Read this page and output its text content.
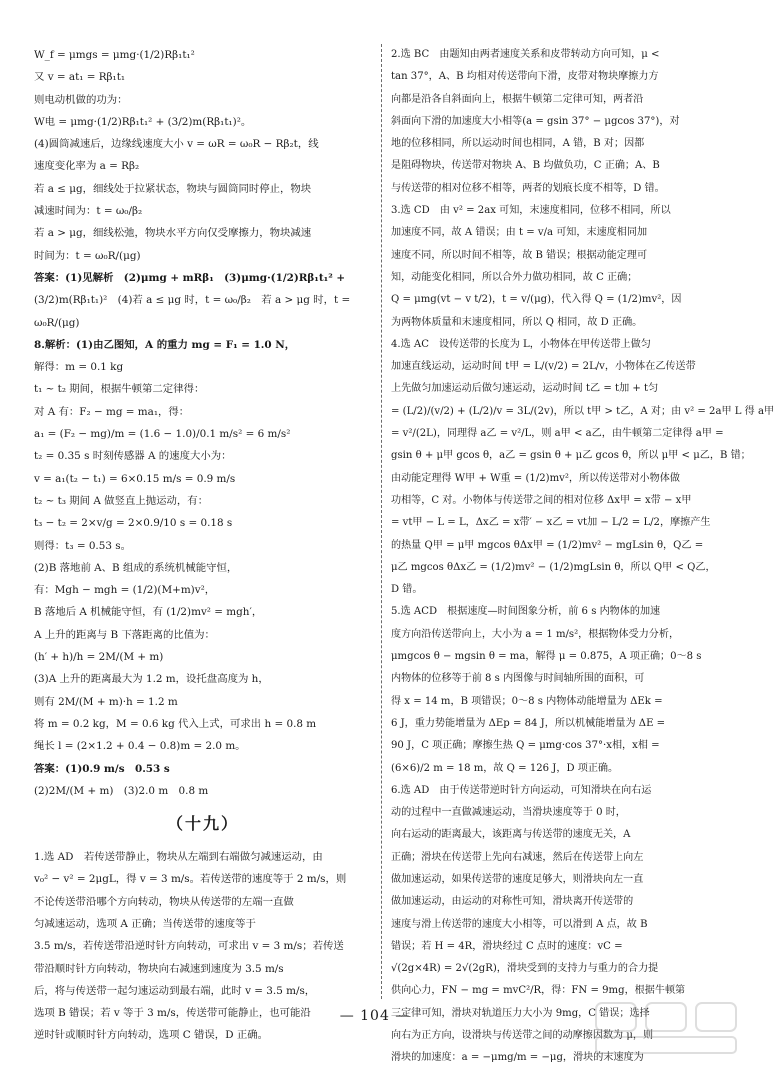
W_f = μmgs = μmg·(1/2)Rβ₁t₁²
又 v = at₁ = Rβ₁t₁
则电动机做的功为：
W电 = μmg·(1/2)Rβ₁t₁² + (3/2)m(Rβ₁t₁)²。
(4)圆筒减速后，边缘线速度大小 v = ωR = ω₀R − Rβ₂t，线
速度变化率为 a = Rβ₂
若 a ≤ μg，细线处于拉紧状态，物块与圆筒同时停止，物块
减速时间为：t = ω₀/β₂
若 a > μg，细线松弛，物块水平方向仅受摩擦力，物块减速
时间为：t = ω₀R/(μg)
答案：(1)见解析　(2)μmg + mRβ₁　(3)μmg·(1/2)Rβ₁t₁² +
(3/2)m(Rβ₁t₁)²　(4)若 a ≤ μg 时，t = ω₀/β₂　若 a > μg 时，t =
ω₀R/(μg)
8.解析：(1)由乙图知，A 的重力 mg = F₁ = 1.0 N，
解得：m = 0.1 kg
t₁ ~ t₂ 期间，根据牛顿第二定律得：
对 A 有：F₂ − mg = ma₁，得：
a₁ = (F₂ − mg)/m = (1.6 − 1.0)/0.1 m/s² = 6 m/s²
t₂ = 0.35 s 时刻传感器 A 的速度大小为：
v = a₁(t₂ − t₁) = 6×0.15 m/s = 0.9 m/s
t₂ ~ t₃ 期间 A 做竖直上抛运动，有：
t₃ − t₂ = 2×v/g = 2×0.9/10 s = 0.18 s
则得：t₃ = 0.53 s。
(2)B 落地前 A、B 组成的系统机械能守恒，
有：Mgh − mgh = (1/2)(M+m)v²，
B 落地后 A 机械能守恒，有 (1/2)mv² = mgh′，
A 上升的距离与 B 下落距离的比值为：
(h′ + h)/h = 2M/(M + m)
(3)A 上升的距离最大为 1.2 m，设托盘高度为 h，
则有 2M/(M + m)·h = 1.2 m
将 m = 0.2 kg，M = 0.6 kg 代入上式，可求出 h = 0.8 m
绳长 l = (2×1.2 + 0.4 − 0.8)m = 2.0 m。
答案：(1)0.9 m/s　0.53 s
(2)2M/(M + m)　(3)2.0 m　0.8 m
（十九）
1.选 AD　若传送带静止，物块从左端到右端做匀减速运动，由
v₀² − v² = 2μgL，得 v = 3 m/s。若传送带的速度等于 2 m/s，则
不论传送带沿哪个方向转动，物块从传送带的左端一直做
匀减速运动，选项 A 正确；当传送带的速度等于
3.5 m/s，若传送带沿逆时针方向转动，可求出 v = 3 m/s；若传送
带沿顺时针方向转动，物块向右减速到速度为 3.5 m/s
后，将与传送带一起匀速运动到最右端，此时 v = 3.5 m/s，
选项 B 错误；若 v 等于 3 m/s，传送带可能静止，也可能沿
逆时针或顺时针方向转动，选项 C 错误，D 正确。
2.选 BC　由题知由两者速度关系和皮带转动方向可知，μ <
tan 37°，A、B 均相对传送带向下滑，皮带对物块摩擦力方
向都是沿各自斜面向上，根据牛顿第二定律可知，两者沿
斜面向下滑的加速度大小相等(a = gsin 37° − μgcos 37°)，对
地的位移相同，所以运动时间也相同，A 错，B 对；因都
是阻碍物块，传送带对物块 A、B 均做负功，C 正确；A、B
与传送带的相对位移不相等，两者的划痕长度不相等，D 错。
3.选 CD　由 v² = 2ax 可知，末速度相同，位移不相同，所以
加速度不同，故 A 错误；由 t = v/a 可知，末速度相同加
速度不同，所以时间不相等，故 B 错误；根据动能定理可
知，动能变化相同，所以合外力做功相同，故 C 正确；
Q = μmg(vt − v t/2)，t = v/(μg)，代入得 Q = (1/2)mv²，因
为两物体质量和末速度相同，所以 Q 相同，故 D 正确。
4.选 AC　设传送带的长度为 L，小物体在甲传送带上做匀
加速直线运动，运动时间 t甲 = L/(v/2) = 2L/v，小物体在乙传送带
上先做匀加速运动后做匀速运动，运动时间 t乙 = t加 + t匀
= (L/2)/(v/2) + (L/2)/v = 3L/(2v)，所以 t甲 > t乙，A 对；由 v² = 2a甲 L 得 a甲
= v²/(2L)，同理得 a乙 = v²/L，则 a甲 < a乙，由牛顿第二定律得 a甲 =
gsin θ + μ甲 gcos θ，a乙 = gsin θ + μ乙 gcos θ，所以 μ甲 < μ乙，B 错；
由动能定理得 W甲 + W重 = (1/2)mv²，所以传送带对小物体做
功相等，C 对。小物体与传送带之间的相对位移 Δx甲 = x带 − x甲
= vt甲 − L = L，Δx乙 = x带′ − x乙 = vt加 − L/2 = L/2，摩擦产生
的热量 Q甲 = μ甲 mgcos θΔx甲 = (1/2)mv² − mgLsin θ，Q乙 =
μ乙 mgcos θΔx乙 = (1/2)mv² − (1/2)mgLsin θ，所以 Q甲 < Q乙，
D 错。
5.选 ACD　根据速度—时间图象分析，前 6 s 内物体的加速
度方向沿传送带向上，大小为 a = 1 m/s²，根据物体受力分析，
μmgcos θ − mgsin θ = ma，解得 μ = 0.875，A 项正确；0～8 s
内物体的位移等于前 8 s 内图像与时间轴所围的面积，可
得 x = 14 m，B 项错误；0～8 s 内物体动能增量为 ΔEk =
6 J，重力势能增量为 ΔEp = 84 J，所以机械能增量为 ΔE =
90 J，C 项正确；摩擦生热 Q = μmg·cos 37°·x相，x相 =
(6×6)/2 m = 18 m，故 Q = 126 J，D 项正确。
6.选 AD　由于传送带逆时针方向运动，可知滑块在向右运
动的过程中一直做减速运动，当滑块速度等于 0 时，
向右运动的距离最大，该距离与传送带的速度无关，A
正确；滑块在传送带上先向右减速，然后在传送带上向左
做加速运动，如果传送带的速度足够大，则滑块向左一直
做加速运动，由运动的对称性可知，滑块离开传送带的
速度与滑上传送带的速度大小相等，可以滑到 A 点，故 B
错误；若 H = 4R，滑块经过 C 点时的速度：vC =
√(2g×4R) = 2√(2gR)，滑块受到的支持力与重力的合力提
供向心力，FN − mg = mvC²/R，得：FN = 9mg，根据牛顿第
三定律可知，滑块对轨道压力大小为 9mg，C 错误；选择
向右为正方向，设滑块与传送带之间的动摩擦因数为 μ，则
滑块的加速度：a = −μmg/m = −μg，滑块的末速度为
— 104 —
